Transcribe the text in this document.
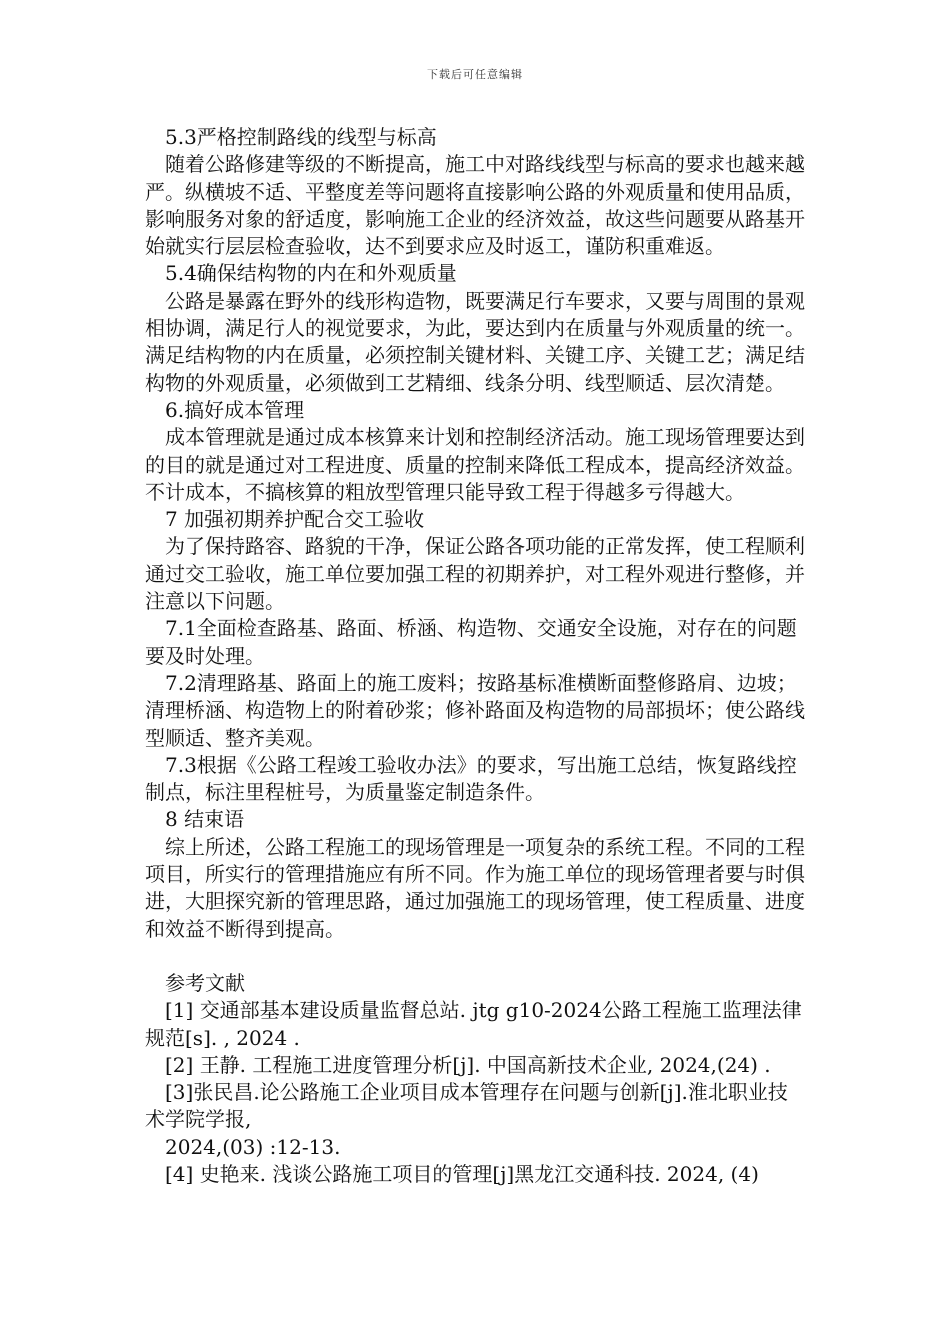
下载后可任意编辑

5.3严格控制路线的线型与标高

随着公路修建等级的不断提高，施工中对路线线型与标高的要求也越来越严。纵横坡不适、平整度差等问题将直接影响公路的外观质量和使用品质，影响服务对象的舒适度，影响施工企业的经济效益，故这些问题要从路基开始就实行层层检查验收，达不到要求应及时返工，谨防积重难返。

5.4确保结构物的内在和外观质量

公路是暴露在野外的线形构造物，既要满足行车要求，又要与周围的景观相协调，满足行人的视觉要求，为此，要达到内在质量与外观质量的统一。满足结构物的内在质量，必须控制关键材料、关键工序、关键工艺；满足结构物的外观质量，必须做到工艺精细、线条分明、线型顺适、层次清楚。

6.搞好成本管理

成本管理就是通过成本核算来计划和控制经济活动。施工现场管理要达到的目的就是通过对工程进度、质量的控制来降低工程成本，提高经济效益。不计成本，不搞核算的粗放型管理只能导致工程于得越多亏得越大。

7 加强初期养护配合交工验收

为了保持路容、路貌的干净，保证公路各项功能的正常发挥，使工程顺利通过交工验收，施工单位要加强工程的初期养护，对工程外观进行整修，并注意以下问题。

7.1全面检查路基、路面、桥涵、构造物、交通安全设施，对存在的问题要及时处理。

7.2清理路基、路面上的施工废料；按路基标准横断面整修路肩、边坡；清理桥涵、构造物上的附着砂浆；修补路面及构造物的局部损坏；使公路线型顺适、整齐美观。

7.3根据《公路工程竣工验收办法》的要求，写出施工总结，恢复路线控制点，标注里程桩号，为质量鉴定制造条件。

8 结束语

综上所述，公路工程施工的现场管理是一项复杂的系统工程。不同的工程项目，所实行的管理措施应有所不同。作为施工单位的现场管理者要与时俱进，大胆探究新的管理思路，通过加强施工的现场管理，使工程质量、进度和效益不断得到提高。

参考文献

[1] 交通部基本建设质量监督总站. jtg g10-2024公路工程施工监理法律规范[s]. , 2024 .

[2] 王静. 工程施工进度管理分析[j]. 中国高新技术企业, 2024,(24) .

[3]张民昌.论公路施工企业项目成本管理存在问题与创新[j].淮北职业技术学院学报,

2024,(03) :12-13.

[4] 史艳来. 浅谈公路施工项目的管理[j]黑龙江交通科技. 2024, (4)
